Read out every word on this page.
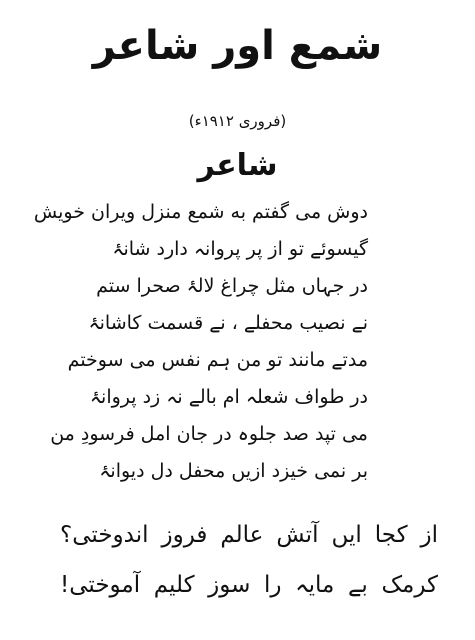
شمع اور شاعر
(فروری ۱۹۱۲ء)
شاعر
دوش می گفتم به شمع منزل ویران خویش
گیسوئے تو از پر پروانہ دارد شانۂ
در جہاں مثل چراغ لالۂ صحرا ستم
نے نصیب محفلے ، نے قسمت کاشانۂ
مدتے مانند تو من ہم نفس می سوختم
در طواف شعلہ ام بالے نہ زد پروانۂ
می تپد صد جلوہ در جان امل فرسودِ من
بر نمی خیزد ازیں محفل دل دیوانۂ
از کجا ایں آتش عالم فروز اندوختی؟
کرمک بے مایہ را سوز کلیم آموختی!
